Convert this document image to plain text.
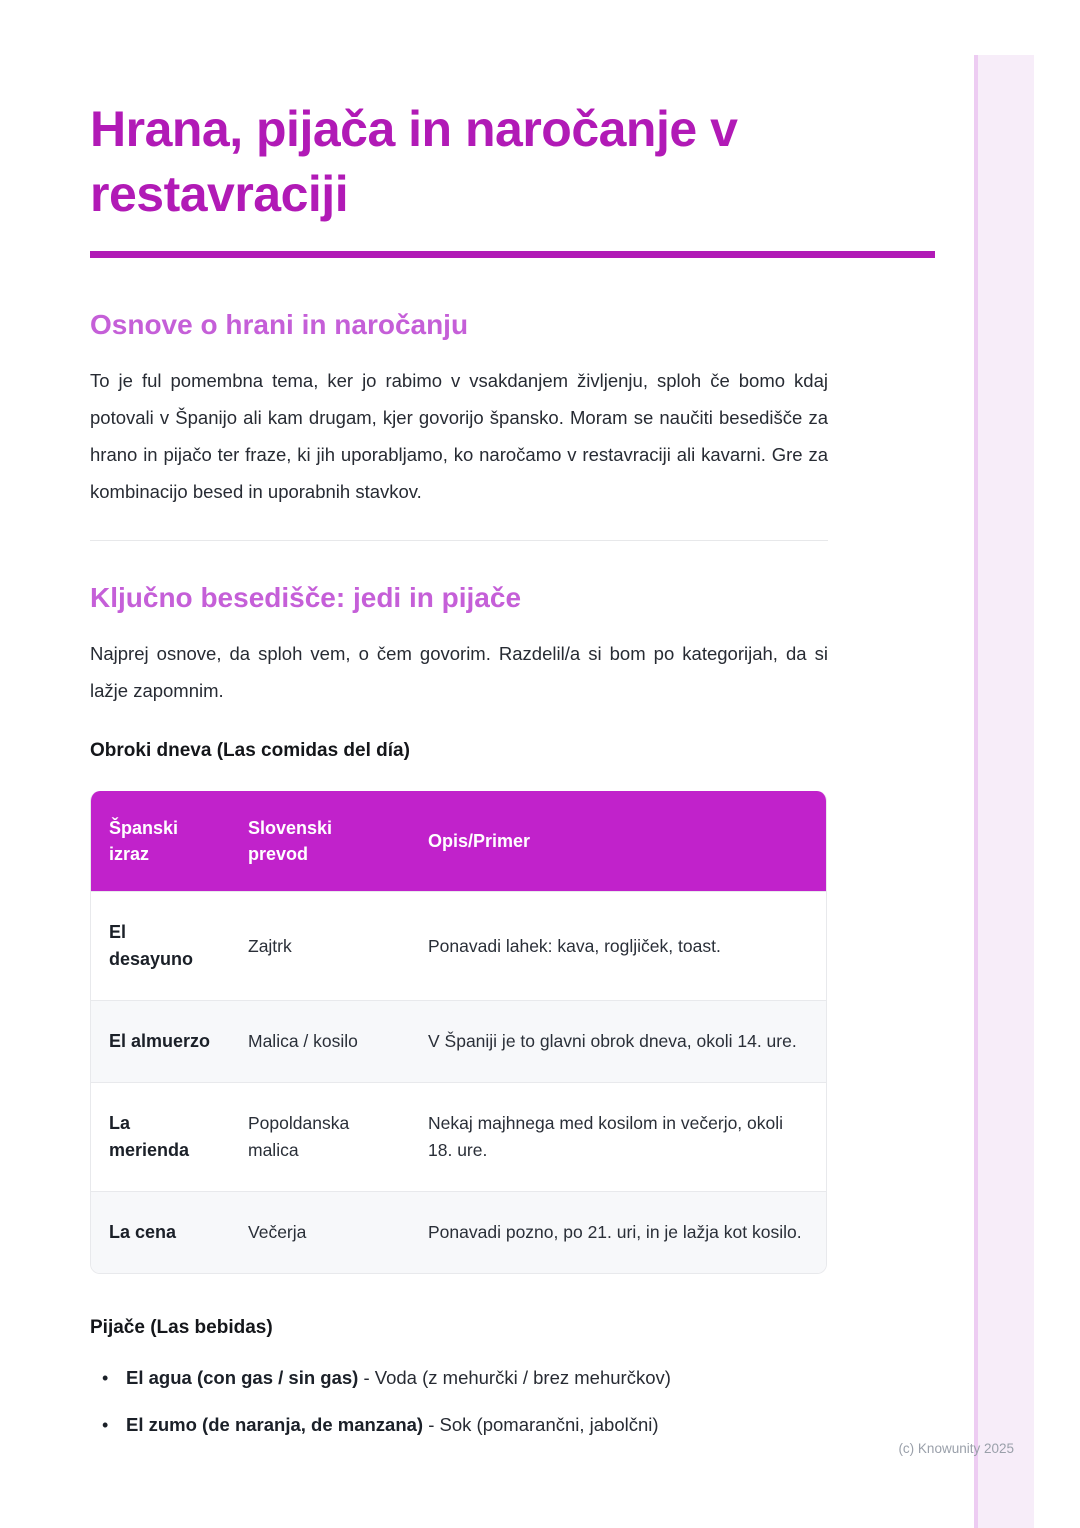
Hrana, pijača in naročanje v restavraciji
Osnove o hrani in naročanju

To je ful pomembna tema, ker jo rabimo v vsakdanjem življenju, sploh če bomo kdaj potovali v Španijo ali kam drugam, kjer govorijo špansko. Moram se naučiti besedišče za hrano in pijačo ter fraze, ki jih uporabljamo, ko naročamo v restavraciji ali kavarni. Gre za kombinacijo besed in uporabnih stavkov.

Ključno besedišče: jedi in pijače

Najprej osnove, da sploh vem, o čem govorim. Razdelil/a si bom po kategorijah, da si lažje zapomnim.

Obroki dneva (Las comidas del día)
Španski izraz	Slovenski prevod	Opis/Primer
El desayuno	Zajtrk	Ponavadi lahek: kava, rogljiček, toast.
El almuerzo	Malica / kosilo	V Španiji je to glavni obrok dneva, okoli 14. ure.
La merienda	Popoldanska malica	Nekaj majhnega med kosilom in večerjo, okoli 18. ure.
La cena	Večerja	Ponavadi pozno, po 21. uri, in je lažja kot kosilo.
Pijače (Las bebidas)
• El agua (con gas / sin gas) - Voda (z mehurčki / brez mehurčkov)
• El zumo (de naranja, de manzana) - Sok (pomarančni, jabolčni)
(c) Knowunity 2025
